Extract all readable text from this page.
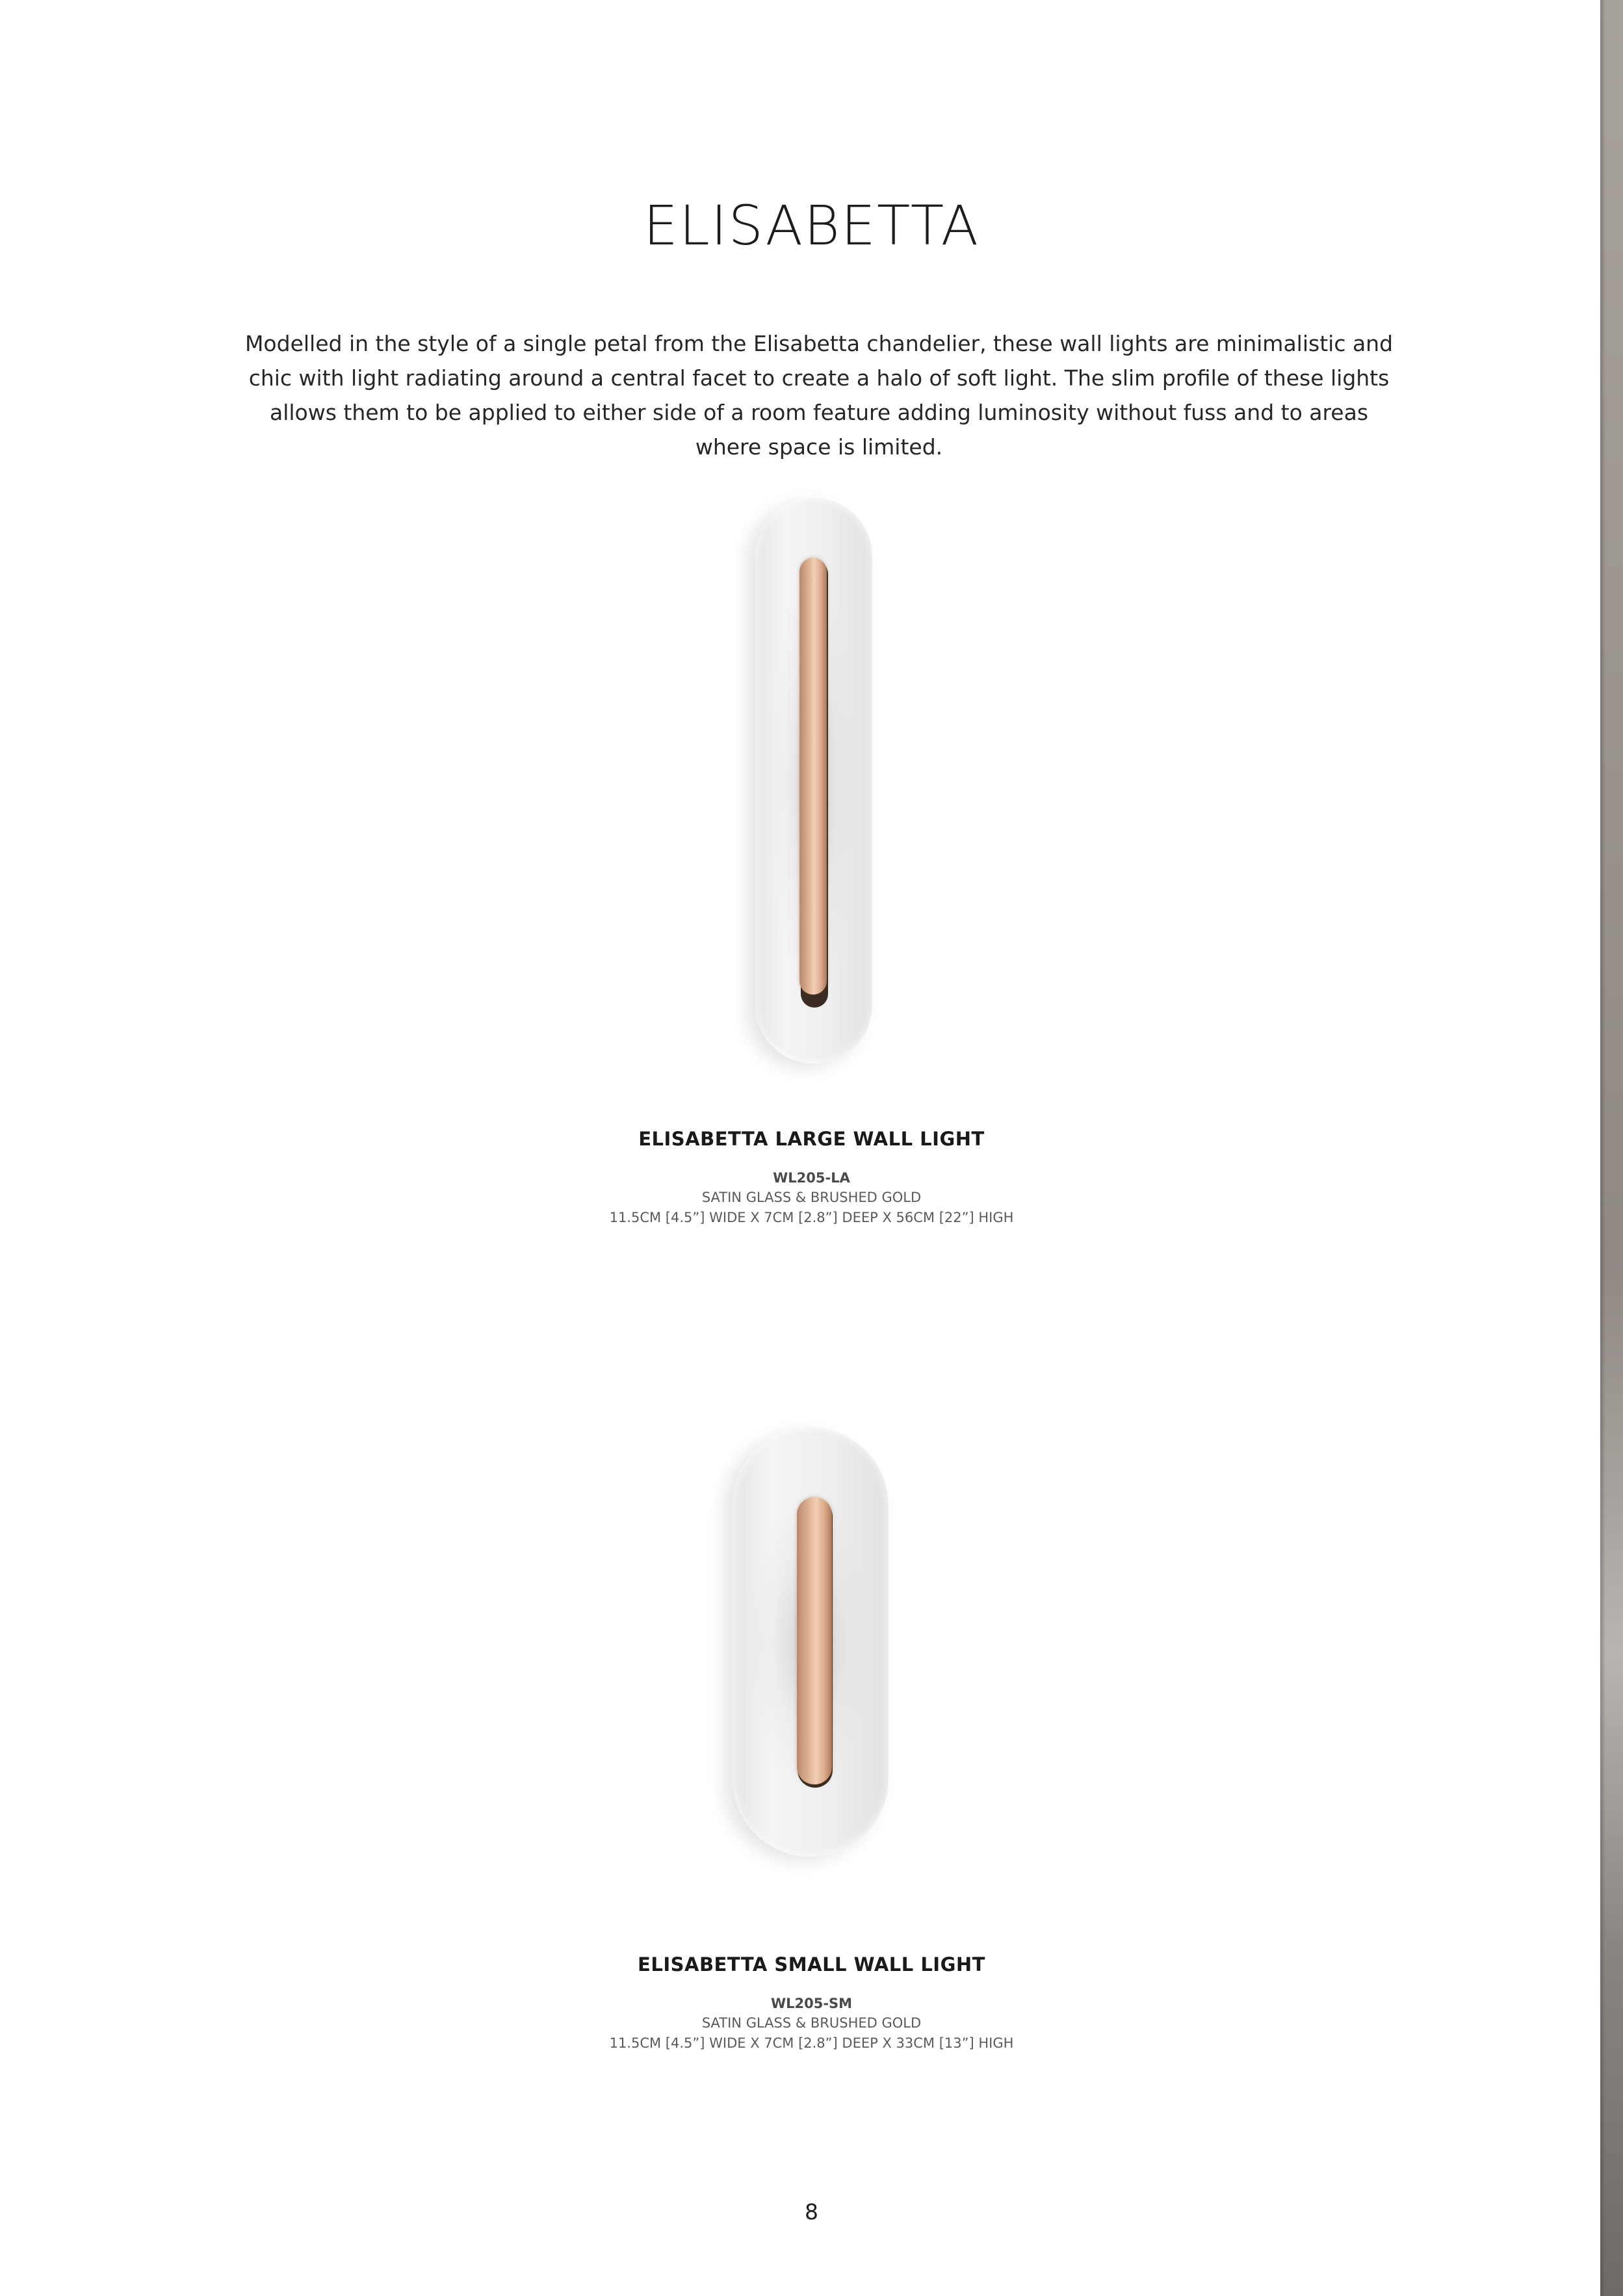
ELISABETTA

Modelled in the style of a single petal from the Elisabetta chandelier, these wall lights are minimalistic and chic with light radiating around a central facet to create a halo of soft light. The slim profile of these lights allows them to be applied to either side of a room feature adding luminosity without fuss and to areas where space is limited.

ELISABETTA LARGE WALL LIGHT
WL205-LA
SATIN GLASS & BRUSHED GOLD
11.5CM [4.5”] WIDE X 7CM [2.8”] DEEP X 56CM [22”] HIGH
ELISABETTA SMALL WALL LIGHT
WL205-SM
SATIN GLASS & BRUSHED GOLD
11.5CM [4.5”] WIDE X 7CM [2.8”] DEEP X 33CM [13”] HIGH
8
